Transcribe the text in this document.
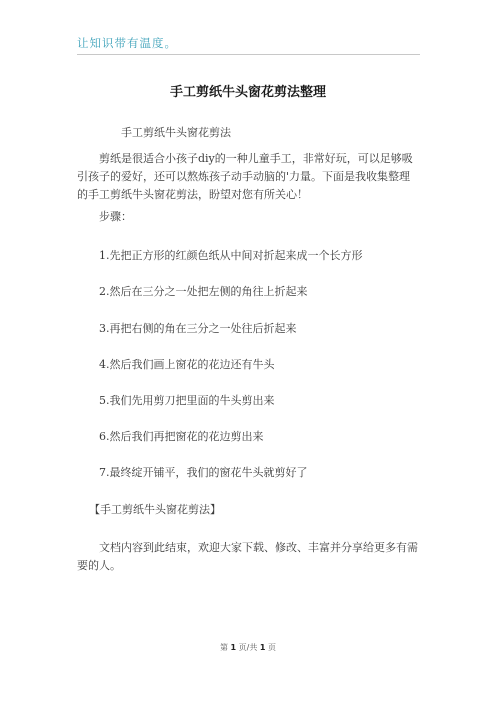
让知识带有温度。
手工剪纸牛头窗花剪法整理

手工剪纸牛头窗花剪法

剪纸是很适合小孩子diy的一种儿童手工，非常好玩，可以足够吸引孩子的爱好，还可以熬炼孩子动手动脑的'力量。下面是我收集整理的手工剪纸牛头窗花剪法，盼望对您有所关心！

步骤：

1.先把正方形的红颜色纸从中间对折起来成一个长方形

2.然后在三分之一处把左侧的角往上折起来

3.再把右侧的角在三分之一处往后折起来

4.然后我们画上窗花的花边还有牛头

5.我们先用剪刀把里面的牛头剪出来

6.然后我们再把窗花的花边剪出来

7.最终绽开铺平，我们的窗花牛头就剪好了

【手工剪纸牛头窗花剪法】

文档内容到此结束，欢迎大家下载、修改、丰富并分享给更多有需要的人。

第 1 页/共 1 页
